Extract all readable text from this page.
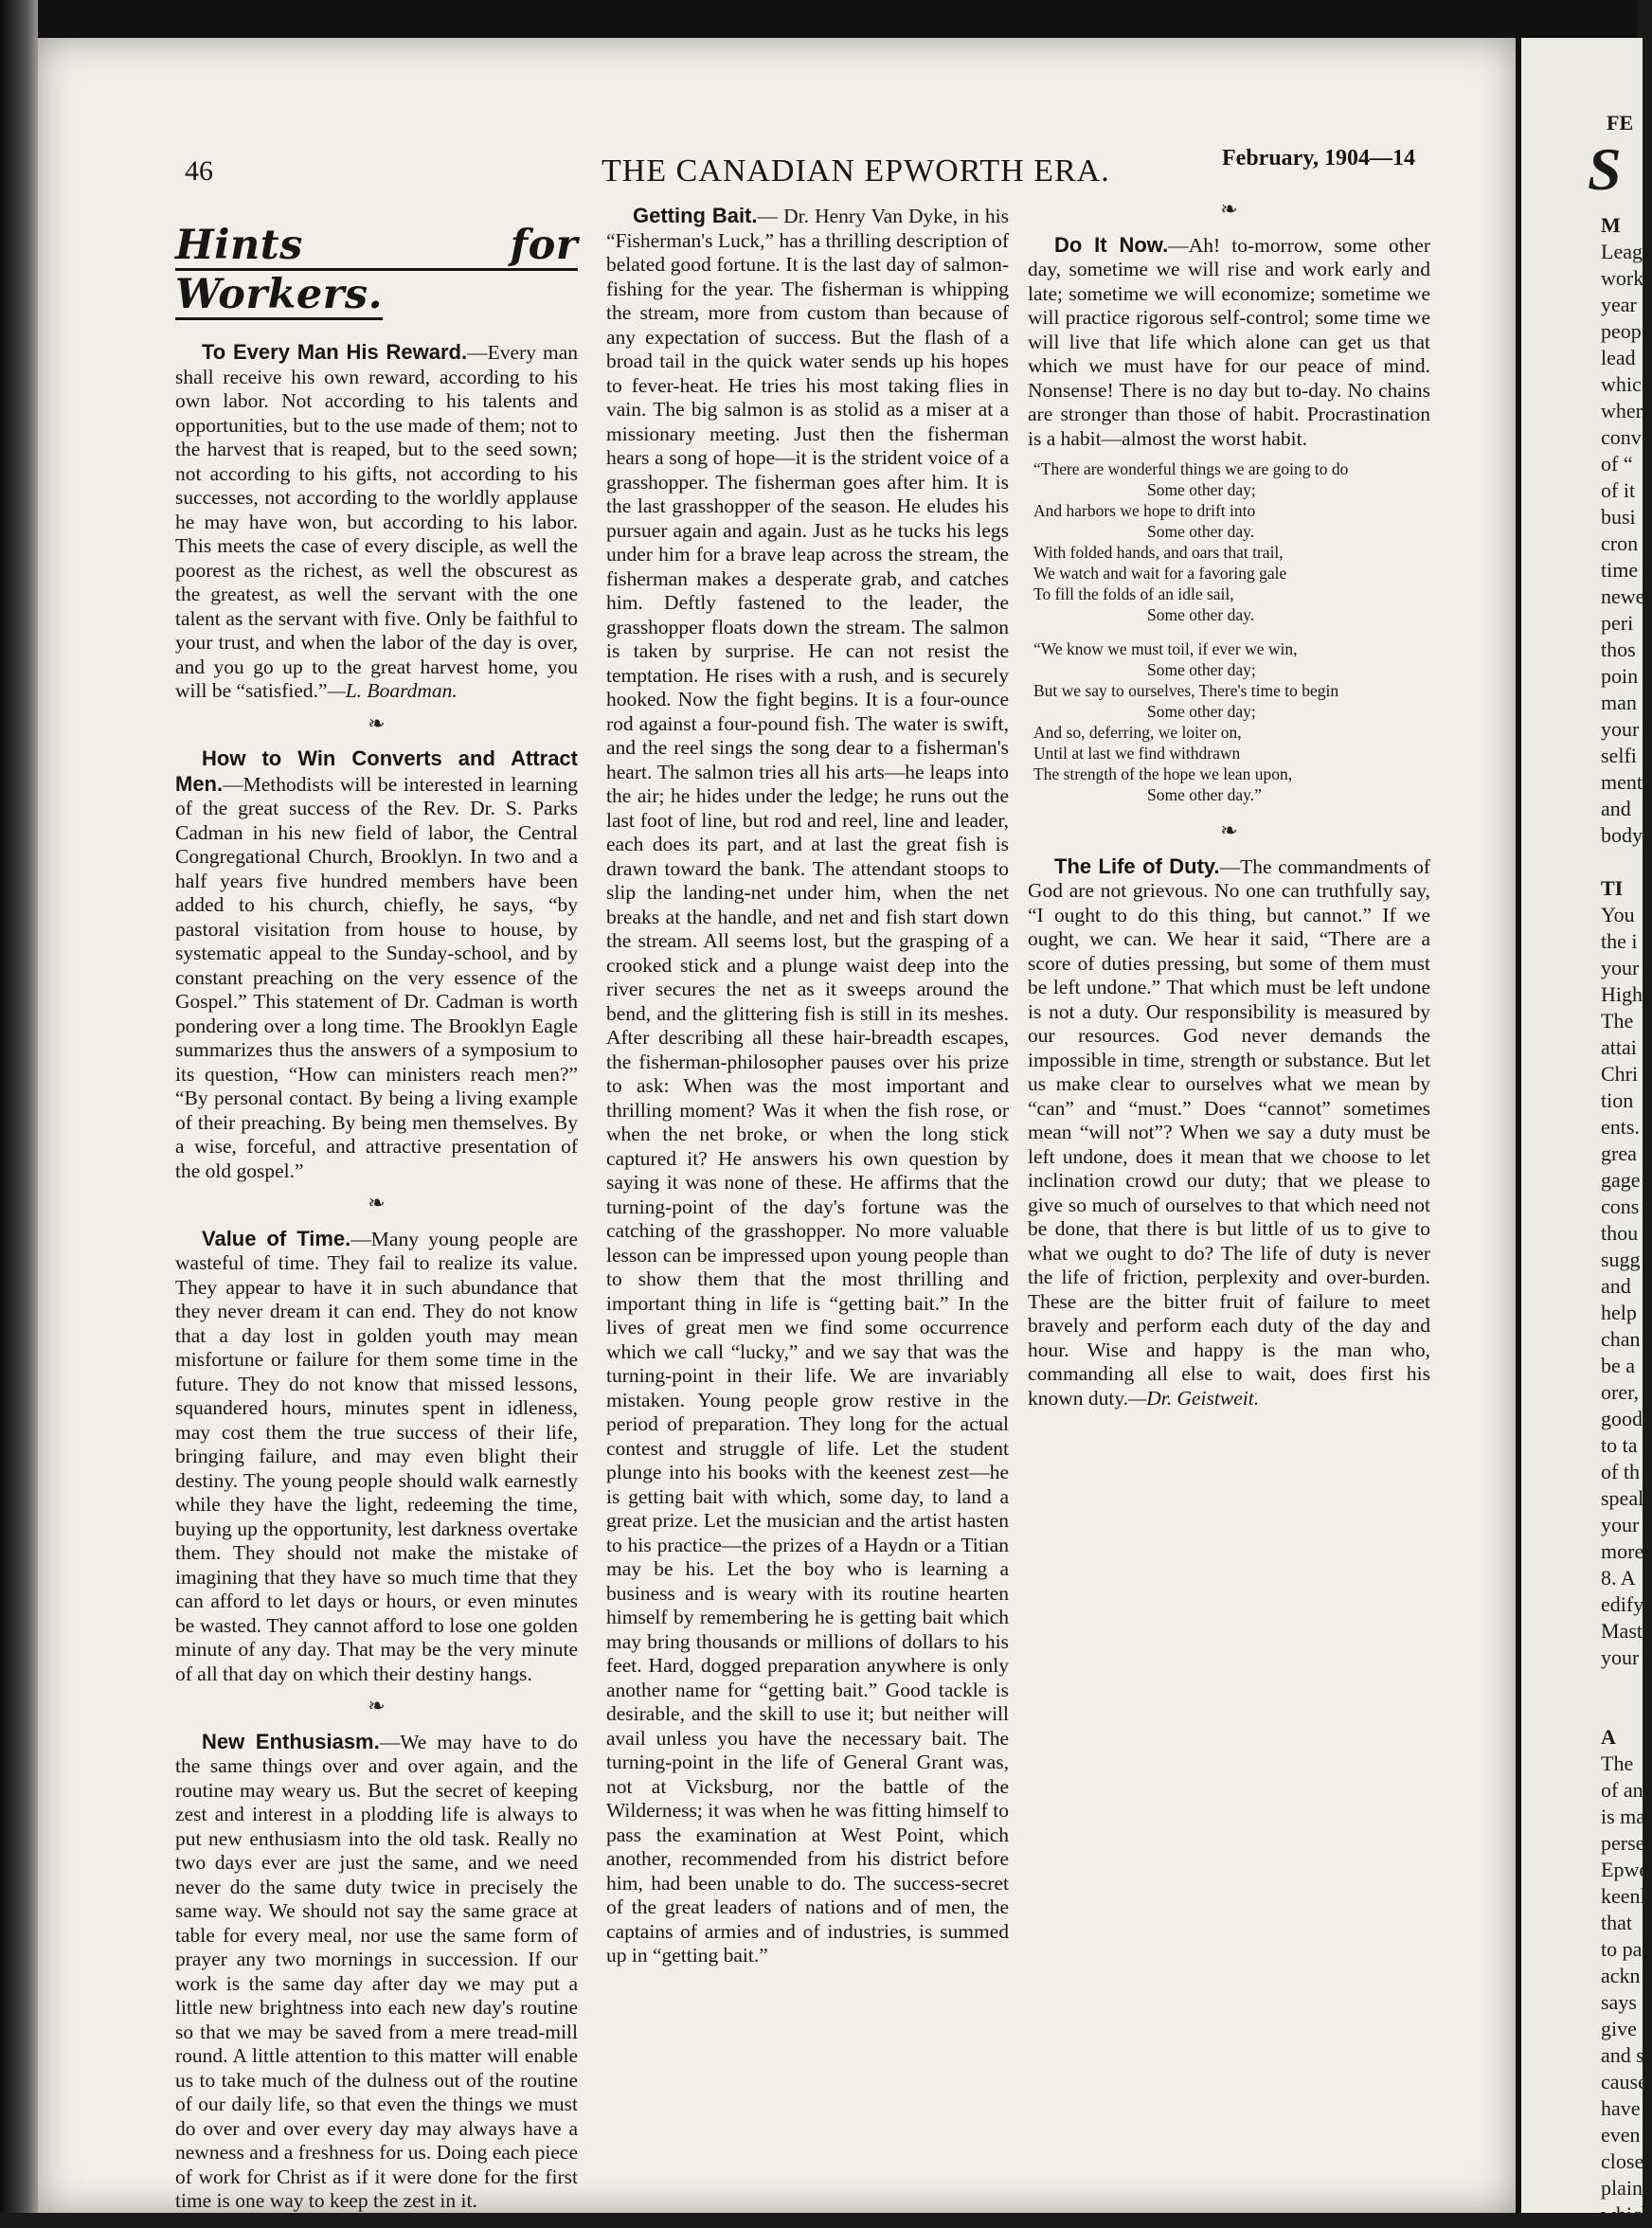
46	THE CANADIAN EPWORTH ERA.	February, 1904—14
Hints for Workers.

To Every Man His Reward.—Every man shall receive his own reward, according to his own labor. Not according to his talents and opportunities, but to the use made of them; not to the harvest that is reaped, but to the seed sown; not according to his gifts, not according to his successes, not according to the worldly applause he may have won, but according to his labor. This meets the case of every disciple, as well the poorest as the richest, as well the obscurest as the greatest, as well the servant with the one talent as the servant with five. Only be faithful to your trust, and when the labor of the day is over, and you go up to the great harvest home, you will be “satisfied.”—L. Boardman.

❧

How to Win Converts and Attract Men.—Methodists will be interested in learning of the great success of the Rev. Dr. S. Parks Cadman in his new field of labor, the Central Congregational Church, Brooklyn. In two and a half years five hundred members have been added to his church, chiefly, he says, “by pastoral visitation from house to house, by systematic appeal to the Sunday-school, and by constant preaching on the very essence of the Gospel.” This statement of Dr. Cadman is worth pondering over a long time. The Brooklyn Eagle summarizes thus the answers of a symposium to its question, “How can ministers reach men?” “By personal contact. By being a living example of their preaching. By being men themselves. By a wise, forceful, and attractive presentation of the old gospel.”

❧

Value of Time.—Many young people are wasteful of time. They fail to realize its value. They appear to have it in such abundance that they never dream it can end. They do not know that a day lost in golden youth may mean misfortune or failure for them some time in the future. They do not know that missed lessons, squandered hours, minutes spent in idleness, may cost them the true success of their life, bringing failure, and may even blight their destiny. The young people should walk earnestly while they have the light, redeeming the time, buying up the opportunity, lest darkness overtake them. They should not make the mistake of imagining that they have so much time that they can afford to let days or hours, or even minutes be wasted. They cannot afford to lose one golden minute of any day. That may be the very minute of all that day on which their destiny hangs.

❧

New Enthusiasm.—We may have to do the same things over and over again, and the routine may weary us. But the secret of keeping zest and interest in a plodding life is always to put new enthusiasm into the old task. Really no two days ever are just the same, and we need never do the same duty twice in precisely the same way. We should not say the same grace at table for every meal, nor use the same form of prayer any two mornings in succession. If our work is the same day after day we may put a little new brightness into each new day's routine so that we may be saved from a mere tread-mill round. A little attention to this matter will enable us to take much of the dulness out of the routine of our daily life, so that even the things we must do over and over every day may always have a newness and a freshness for us. Doing each piece of work for Christ as if it were done for the first time is one way to keep the zest in it.

Getting Bait.— Dr. Henry Van Dyke, in his “Fisherman's Luck,” has a thrilling description of belated good fortune. It is the last day of salmon-fishing for the year. The fisherman is whipping the stream, more from custom than because of any expectation of success. But the flash of a broad tail in the quick water sends up his hopes to fever-heat. He tries his most taking flies in vain. The big salmon is as stolid as a miser at a missionary meeting. Just then the fisherman hears a song of hope—it is the strident voice of a grasshopper. The fisherman goes after him. It is the last grasshopper of the season. He eludes his pursuer again and again. Just as he tucks his legs under him for a brave leap across the stream, the fisherman makes a desperate grab, and catches him. Deftly fastened to the leader, the grasshopper floats down the stream. The salmon is taken by surprise. He can not resist the temptation. He rises with a rush, and is securely hooked. Now the fight begins. It is a four-ounce rod against a four-pound fish. The water is swift, and the reel sings the song dear to a fisherman's heart. The salmon tries all his arts—he leaps into the air; he hides under the ledge; he runs out the last foot of line, but rod and reel, line and leader, each does its part, and at last the great fish is drawn toward the bank. The attendant stoops to slip the landing-net under him, when the net breaks at the handle, and net and fish start down the stream. All seems lost, but the grasping of a crooked stick and a plunge waist deep into the river secures the net as it sweeps around the bend, and the glittering fish is still in its meshes. After describing all these hair-breadth escapes, the fisherman-philosopher pauses over his prize to ask: When was the most important and thrilling moment? Was it when the fish rose, or when the net broke, or when the long stick captured it? He answers his own question by saying it was none of these. He affirms that the turning-point of the day's fortune was the catching of the grasshopper. No more valuable lesson can be impressed upon young people than to show them that the most thrilling and important thing in life is “getting bait.” In the lives of great men we find some occurrence which we call “lucky,” and we say that was the turning-point in their life. We are invariably mistaken. Young people grow restive in the period of preparation. They long for the actual contest and struggle of life. Let the student plunge into his books with the keenest zest—he is getting bait with which, some day, to land a great prize. Let the musician and the artist hasten to his practice—the prizes of a Haydn or a Titian may be his. Let the boy who is learning a business and is weary with its routine hearten himself by remembering he is getting bait which may bring thousands or millions of dollars to his feet. Hard, dogged preparation anywhere is only another name for “getting bait.” Good tackle is desirable, and the skill to use it; but neither will avail unless you have the necessary bait. The turning-point in the life of General Grant was, not at Vicksburg, nor the battle of the Wilderness; it was when he was fitting himself to pass the examination at West Point, which another, recommended from his district before him, had been unable to do. The success-secret of the great leaders of nations and of men, the captains of armies and of industries, is summed up in “getting bait.”

❧

Do It Now.—Ah! to-morrow, some other day, sometime we will rise and work early and late; sometime we will economize; sometime we will practice rigorous self-control; some time we will live that life which alone can get us that which we must have for our peace of mind. Nonsense! There is no day but to-day. No chains are stronger than those of habit. Procrastination is a habit—almost the worst habit.

“There are wonderful things we are going to do
Some other day;
And harbors we hope to drift into
Some other day.
With folded hands, and oars that trail,
We watch and wait for a favoring gale
To fill the folds of an idle sail,
Some other day.
“We know we must toil, if ever we win,
Some other day;
But we say to ourselves, There's time to begin
Some other day;
And so, deferring, we loiter on,
Until at last we find withdrawn
The strength of the hope we lean upon,
Some other day.”
❧

The Life of Duty.—The commandments of God are not grievous. No one can truthfully say, “I ought to do this thing, but cannot.” If we ought, we can. We hear it said, “There are a score of duties pressing, but some of them must be left undone.” That which must be left undone is not a duty. Our responsibility is measured by our resources. God never demands the impossible in time, strength or substance. But let us make clear to ourselves what we mean by “can” and “must.” Does “cannot” sometimes mean “will not”? When we say a duty must be left undone, does it mean that we choose to let inclination crowd our duty; that we please to give so much of ourselves to that which need not be done, that there is but little of us to give to what we ought to do? The life of duty is never the life of friction, perplexity and over-burden. These are the bitter fruit of failure to meet bravely and perform each duty of the day and hour. Wise and happy is the man who, commanding all else to wait, does first his known duty.—Dr. Geistweit.

FE
S
M
Leag
work
year
peop
lead
whic
wher
conv
of “
of it
busi
cron
time
newe
peri
thos
poin
man
your
selfi
ment
and
body
TI
You
the i
your
High
The
attai
Chri
tion
ents.
grea
gage
cons
thou
sugg
and
help
chan
be a
orer,
good
to ta
of th
speal
your
more
8. A
edify
Mast
your
A
The
of an
is ma
perse
Epwe
keenl
that
to pa
ackn
says
give
and s
cause
have
even
close
plain
which
